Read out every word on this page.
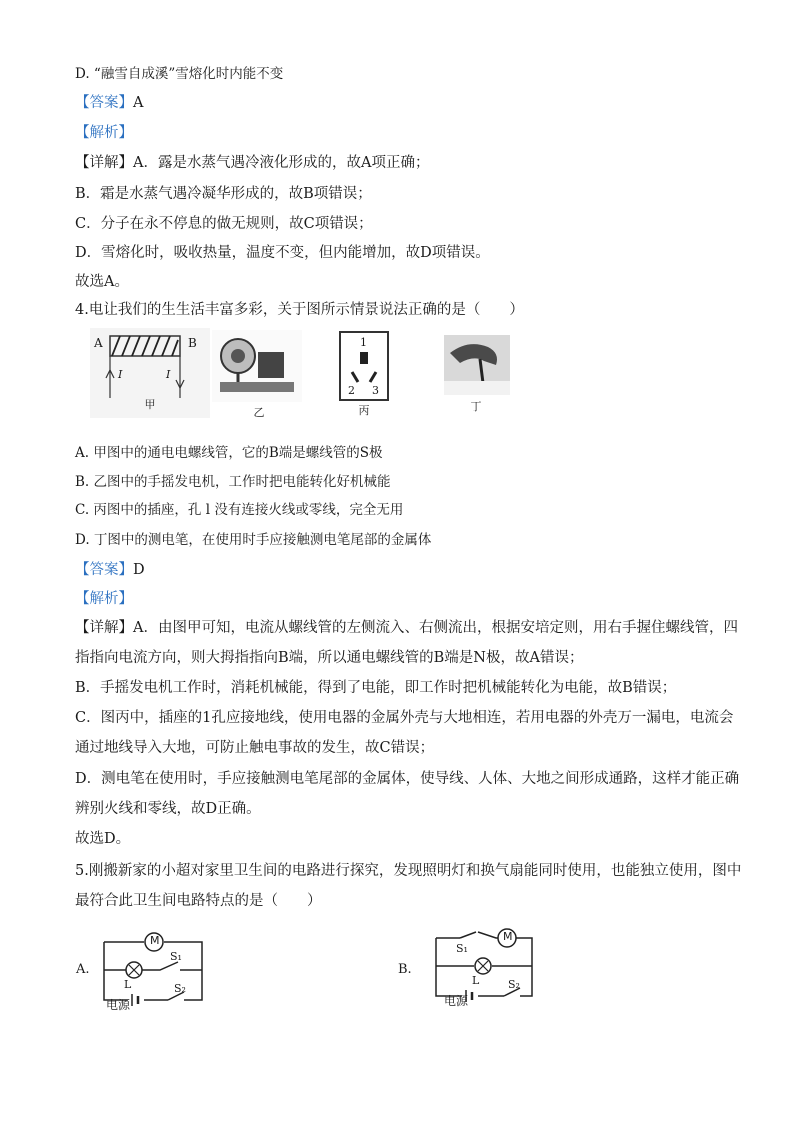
D. “融雪自成溪”雪熔化时内能不变
【答案】A
【解析】
【详解】A．露是水蒸气遇冷液化形成的，故A项正确；
B．霜是水蒸气遇冷凝华形成的，故B项错误；
C．分子在永不停息的做无规则，故C项错误；
D．雪熔化时，吸收热量，温度不变，但内能增加，故D项错误。
故选A。
4.电让我们的生生活丰富多彩，关于图所示情景说法正确的是（　　）
A	B
I	I
甲
乙
1
2 3
丙	丁
A. 甲图中的通电电螺线管，它的B端是螺线管的S极
B. 乙图中的手摇发电机，工作时把电能转化好机械能
C. 丙图中的插座，孔 l 没有连接火线或零线，完全无用
D. 丁图中的测电笔，在使用时手应接触测电笔尾部的金属体
【答案】D
【解析】
【详解】A．由图甲可知，电流从螺线管的左侧流入、右侧流出，根据安培定则，用右手握住螺线管，四
指指向电流方向，则大拇指指向B端，所以通电螺线管的B端是N极，故A错误；
B．手摇发电机工作时，消耗机械能，得到了电能，即工作时把机械能转化为电能，故B错误；
C．图丙中，插座的1孔应接地线，使用电器的金属外壳与大地相连，若用电器的外壳万一漏电，电流会
通过地线导入大地，可防止触电事故的发生，故C错误；
D．测电笔在使用时，手应接触测电笔尾部的金属体，使导线、人体、大地之间形成通路，这样才能正确
辨别火线和零线，故D正确。
故选D。
5.刚搬新家的小超对家里卫生间的电路进行探究，发现照明灯和换气扇能同时使用，也能独立使用，图中
最符合此卫生间电路特点的是（　　）
A.
M
L
S₁
S₂
电源
B.
M
L
S₁
S₂
电源
